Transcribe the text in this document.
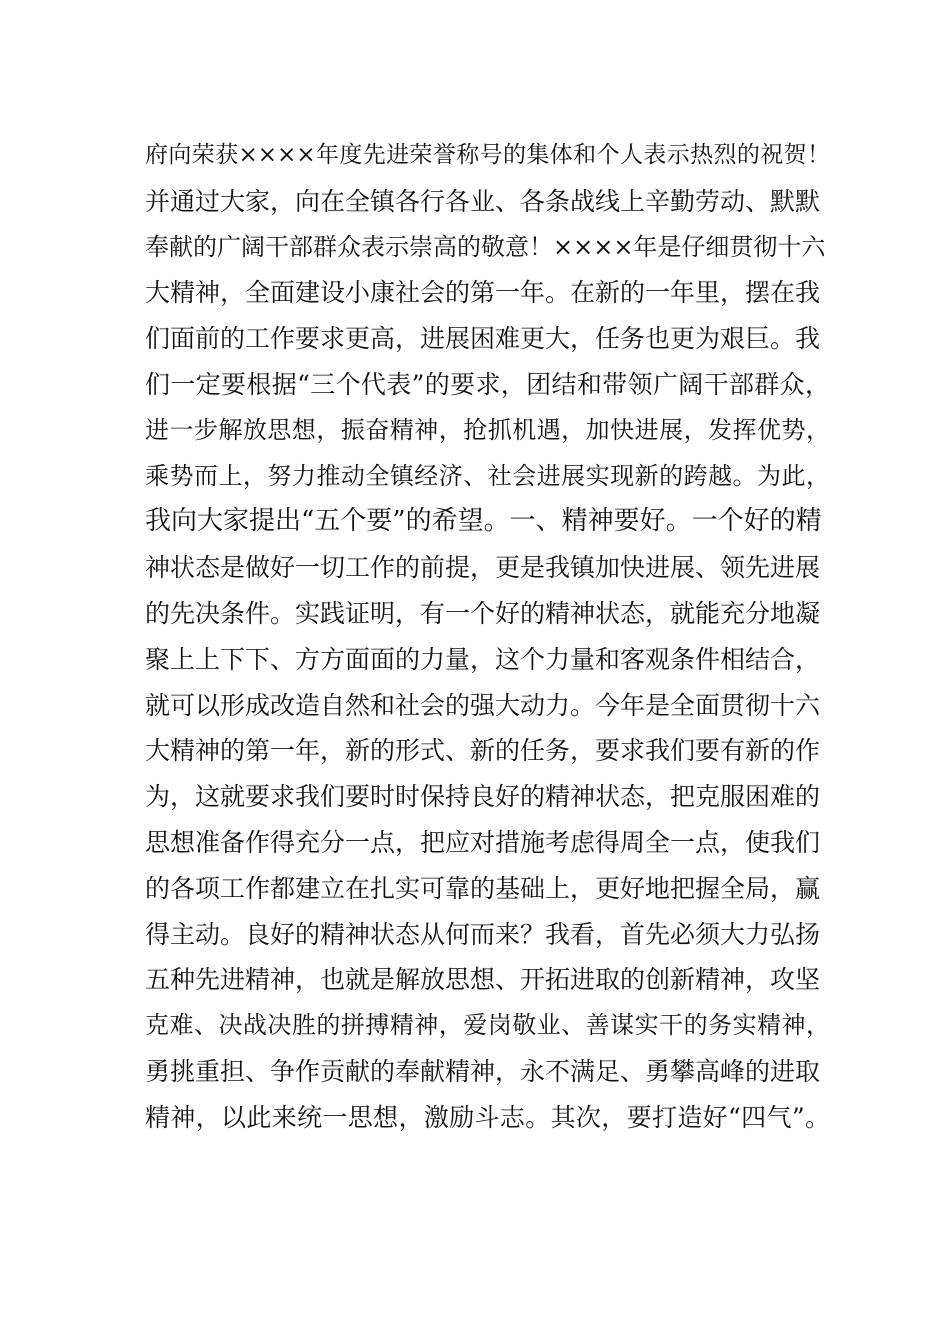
府向荣获××××年度先进荣誉称号的集体和个人表示热烈的祝贺！
并通过大家，向在全镇各行各业、各条战线上辛勤劳动、默默
奉献的广阔干部群众表示崇高的敬意！××××年是仔细贯彻十六
大精神，全面建设小康社会的第一年。在新的一年里，摆在我
们面前的工作要求更高，进展困难更大，任务也更为艰巨。我
们一定要根据“三个代表”的要求，团结和带领广阔干部群众，
进一步解放思想，振奋精神，抢抓机遇，加快进展，发挥优势，
乘势而上，努力推动全镇经济、社会进展实现新的跨越。为此，
我向大家提出“五个要”的希望。一、精神要好。一个好的精
神状态是做好一切工作的前提，更是我镇加快进展、领先进展
的先决条件。实践证明，有一个好的精神状态，就能充分地凝
聚上上下下、方方面面的力量，这个力量和客观条件相结合，
就可以形成改造自然和社会的强大动力。今年是全面贯彻十六
大精神的第一年，新的形式、新的任务，要求我们要有新的作
为，这就要求我们要时时保持良好的精神状态，把克服困难的
思想准备作得充分一点，把应对措施考虑得周全一点，使我们
的各项工作都建立在扎实可靠的基础上，更好地把握全局，赢
得主动。良好的精神状态从何而来？我看，首先必须大力弘扬
五种先进精神，也就是解放思想、开拓进取的创新精神，攻坚
克难、决战决胜的拼搏精神，爱岗敬业、善谋实干的务实精神，
勇挑重担、争作贡献的奉献精神，永不满足、勇攀高峰的进取
精神，以此来统一思想，激励斗志。其次，要打造好“四气”。
